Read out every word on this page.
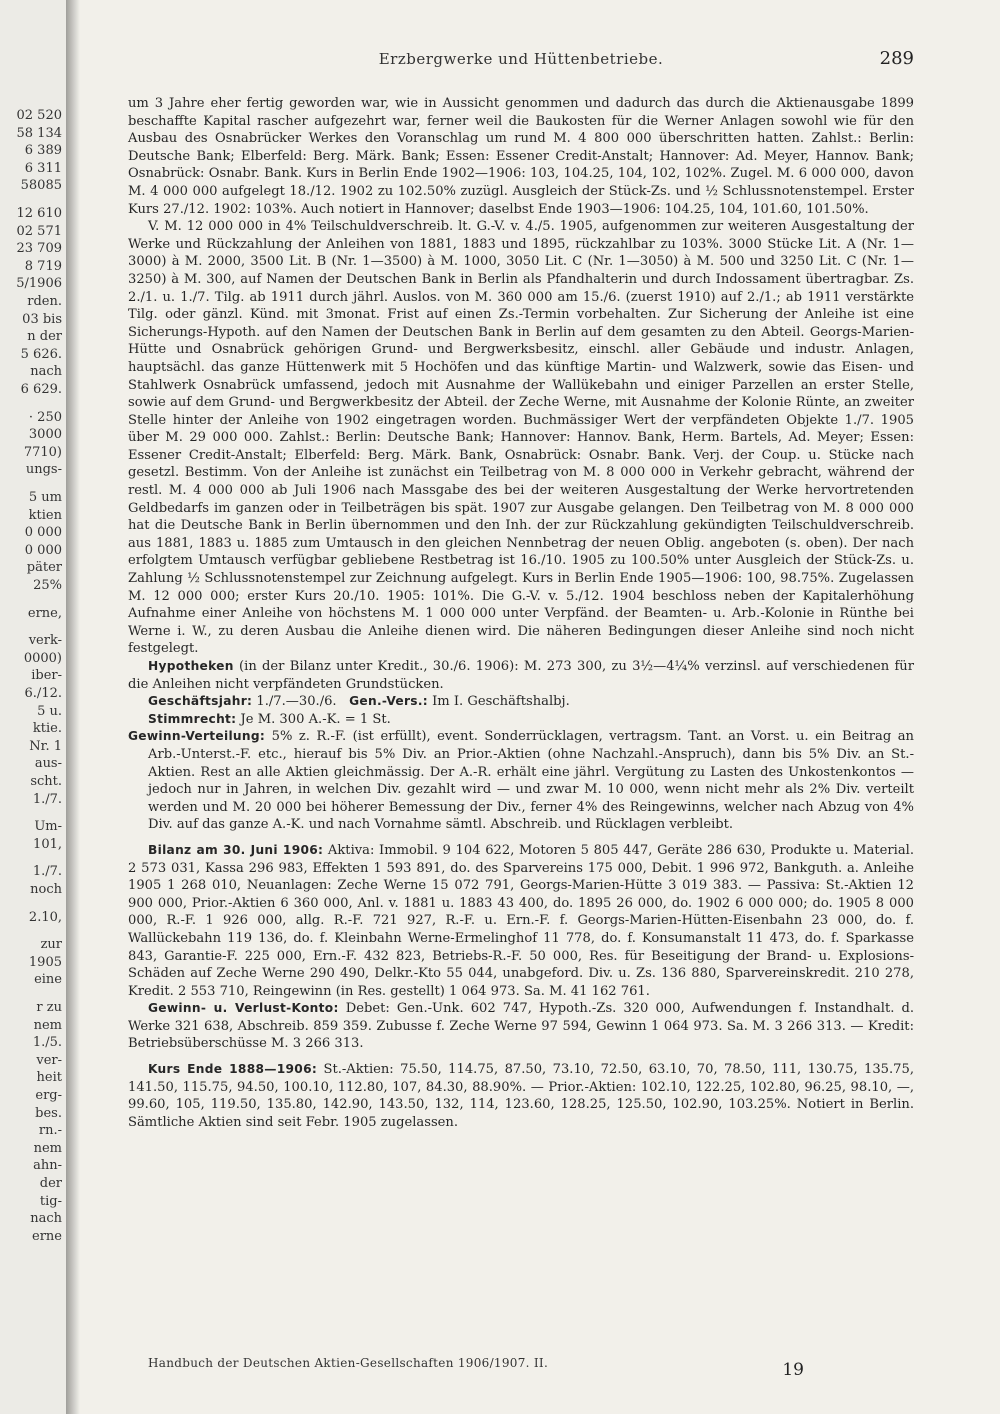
02 520
58 134
6 389
6 311
58085
12 610
02 571
23 709
8 719
5/1906
rden.
03 bis
n der
5 626.
nach
6 629.
· 250
3000
7710)
ungs-
5 um
ktien
0 000
0 000
päter
25%
erne,
verk-
0000)
iber-
6./12.
5 u.
ktie.
Nr. 1
aus-
scht.
1./7.
Um-
101,
1./7.
noch
2.10,
zur
1905
eine
r zu
nem
1./5.
ver-
heit
erg-
bes.
rn.-
nem
ahn-
der
tig-
nach
erne
Erzbergwerke und Hüttenbetriebe.	289

um 3 Jahre eher fertig geworden war, wie in Aussicht genommen und dadurch das durch die Aktienausgabe 1899 beschaffte Kapital rascher aufgezehrt war, ferner weil die Baukosten für die Werner Anlagen sowohl wie für den Ausbau des Osnabrücker Werkes den Voranschlag um rund M. 4 800 000 überschritten hatten. Zahlst.: Berlin: Deutsche Bank; Elberfeld: Berg. Märk. Bank; Essen: Essener Credit-Anstalt; Hannover: Ad. Meyer, Hannov. Bank; Osnabrück: Osnabr. Bank. Kurs in Berlin Ende 1902—1906: 103, 104.25, 104, 102, 102%. Zugel. M. 6 000 000, davon M. 4 000 000 aufgelegt 18./12. 1902 zu 102.50% zuzügl. Ausgleich der Stück-Zs. und ½ Schlussnotenstempel. Erster Kurs 27./12. 1902: 103%. Auch notiert in Hannover; daselbst Ende 1903—1906: 104.25, 104, 101.60, 101.50%.

V. M. 12 000 000 in 4% Teilschuldverschreib. lt. G.-V. v. 4./5. 1905, aufgenommen zur weiteren Ausgestaltung der Werke und Rückzahlung der Anleihen von 1881, 1883 und 1895, rückzahlbar zu 103%. 3000 Stücke Lit. A (Nr. 1—3000) à M. 2000, 3500 Lit. B (Nr. 1—3500) à M. 1000, 3050 Lit. C (Nr. 1—3050) à M. 500 und 3250 Lit. C (Nr. 1—3250) à M. 300, auf Namen der Deutschen Bank in Berlin als Pfandhalterin und durch Indossament übertragbar. Zs. 2./1. u. 1./7. Tilg. ab 1911 durch jährl. Auslos. von M. 360 000 am 15./6. (zuerst 1910) auf 2./1.; ab 1911 verstärkte Tilg. oder gänzl. Künd. mit 3monat. Frist auf einen Zs.-Termin vorbehalten. Zur Sicherung der Anleihe ist eine Sicherungs-Hypoth. auf den Namen der Deutschen Bank in Berlin auf dem gesamten zu den Abteil. Georgs-Marien-Hütte und Osnabrück gehörigen Grund- und Bergwerksbesitz, einschl. aller Gebäude und industr. Anlagen, hauptsächl. das ganze Hüttenwerk mit 5 Hochöfen und das künftige Martin- und Walzwerk, sowie das Eisen- und Stahlwerk Osnabrück umfassend, jedoch mit Ausnahme der Wallükebahn und einiger Parzellen an erster Stelle, sowie auf dem Grund- und Bergwerkbesitz der Abteil. der Zeche Werne, mit Ausnahme der Kolonie Rünte, an zweiter Stelle hinter der Anleihe von 1902 eingetragen worden. Buchmässiger Wert der verpfändeten Objekte 1./7. 1905 über M. 29 000 000. Zahlst.: Berlin: Deutsche Bank; Hannover: Hannov. Bank, Herm. Bartels, Ad. Meyer; Essen: Essener Credit-Anstalt; Elberfeld: Berg. Märk. Bank, Osnabrück: Osnabr. Bank. Verj. der Coup. u. Stücke nach gesetzl. Bestimm. Von der Anleihe ist zunächst ein Teilbetrag von M. 8 000 000 in Verkehr gebracht, während der restl. M. 4 000 000 ab Juli 1906 nach Massgabe des bei der weiteren Ausgestaltung der Werke hervortretenden Geldbedarfs im ganzen oder in Teilbeträgen bis spät. 1907 zur Ausgabe gelangen. Den Teilbetrag von M. 8 000 000 hat die Deutsche Bank in Berlin übernommen und den Inh. der zur Rückzahlung gekündigten Teilschuldverschreib. aus 1881, 1883 u. 1885 zum Umtausch in den gleichen Nennbetrag der neuen Oblig. angeboten (s. oben). Der nach erfolgtem Umtausch verfügbar gebliebene Restbetrag ist 16./10. 1905 zu 100.50% unter Ausgleich der Stück-Zs. u. Zahlung ½ Schlussnotenstempel zur Zeichnung aufgelegt. Kurs in Berlin Ende 1905—1906: 100, 98.75%. Zugelassen M. 12 000 000; erster Kurs 20./10. 1905: 101%. Die G.-V. v. 5./12. 1904 beschloss neben der Kapitalerhöhung Aufnahme einer Anleihe von höchstens M. 1 000 000 unter Verpfänd. der Beamten- u. Arb.-Kolonie in Rünthe bei Werne i. W., zu deren Ausbau die Anleihe dienen wird. Die näheren Bedingungen dieser Anleihe sind noch nicht festgelegt.

Hypotheken (in der Bilanz unter Kredit., 30./6. 1906): M. 273 300, zu 3½—4¼% verzinsl. auf verschiedenen für die Anleihen nicht verpfändeten Grundstücken.

Geschäftsjahr: 1./7.—30./6. Gen.-Vers.: Im I. Geschäftshalbj.

Stimmrecht: Je M. 300 A.-K. = 1 St.

Gewinn-Verteilung: 5% z. R.-F. (ist erfüllt), event. Sonderrücklagen, vertragsm. Tant. an Vorst. u. ein Beitrag an Arb.-Unterst.-F. etc., hierauf bis 5% Div. an Prior.-Aktien (ohne Nachzahl.-Anspruch), dann bis 5% Div. an St.-Aktien. Rest an alle Aktien gleichmässig. Der A.-R. erhält eine jährl. Vergütung zu Lasten des Unkostenkontos — jedoch nur in Jahren, in welchen Div. gezahlt wird — und zwar M. 10 000, wenn nicht mehr als 2% Div. verteilt werden und M. 20 000 bei höherer Bemessung der Div., ferner 4% des Reingewinns, welcher nach Abzug von 4% Div. auf das ganze A.-K. und nach Vornahme sämtl. Abschreib. und Rücklagen verbleibt.

Bilanz am 30. Juni 1906: Aktiva: Immobil. 9 104 622, Motoren 5 805 447, Geräte 286 630, Produkte u. Material. 2 573 031, Kassa 296 983, Effekten 1 593 891, do. des Sparvereins 175 000, Debit. 1 996 972, Bankguth. a. Anleihe 1905 1 268 010, Neuanlagen: Zeche Werne 15 072 791, Georgs-Marien-Hütte 3 019 383. — Passiva: St.-Aktien 12 900 000, Prior.-Aktien 6 360 000, Anl. v. 1881 u. 1883 43 400, do. 1895 26 000, do. 1902 6 000 000; do. 1905 8 000 000, R.-F. 1 926 000, allg. R.-F. 721 927, R.-F. u. Ern.-F. f. Georgs-Marien-Hütten-Eisenbahn 23 000, do. f. Wallückebahn 119 136, do. f. Kleinbahn Werne-Ermelinghof 11 778, do. f. Konsumanstalt 11 473, do. f. Sparkasse 843, Garantie-F. 225 000, Ern.-F. 432 823, Betriebs-R.-F. 50 000, Res. für Beseitigung der Brand- u. Explosions-Schäden auf Zeche Werne 290 490, Delkr.-Kto 55 044, unabgeford. Div. u. Zs. 136 880, Sparvereinskredit. 210 278, Kredit. 2 553 710, Reingewinn (in Res. gestellt) 1 064 973. Sa. M. 41 162 761.

Gewinn- u. Verlust-Konto: Debet: Gen.-Unk. 602 747, Hypoth.-Zs. 320 000, Aufwendungen f. Instandhalt. d. Werke 321 638, Abschreib. 859 359. Zubusse f. Zeche Werne 97 594, Gewinn 1 064 973. Sa. M. 3 266 313. — Kredit: Betriebsüberschüsse M. 3 266 313.

Kurs Ende 1888—1906: St.-Aktien: 75.50, 114.75, 87.50, 73.10, 72.50, 63.10, 70, 78.50, 111, 130.75, 135.75, 141.50, 115.75, 94.50, 100.10, 112.80, 107, 84.30, 88.90%. — Prior.-Aktien: 102.10, 122.25, 102.80, 96.25, 98.10, —, 99.60, 105, 119.50, 135.80, 142.90, 143.50, 132, 114, 123.60, 128.25, 125.50, 102.90, 103.25%. Notiert in Berlin. Sämtliche Aktien sind seit Febr. 1905 zugelassen.

Handbuch der Deutschen Aktien-Gesellschaften 1906/1907. II.	19
